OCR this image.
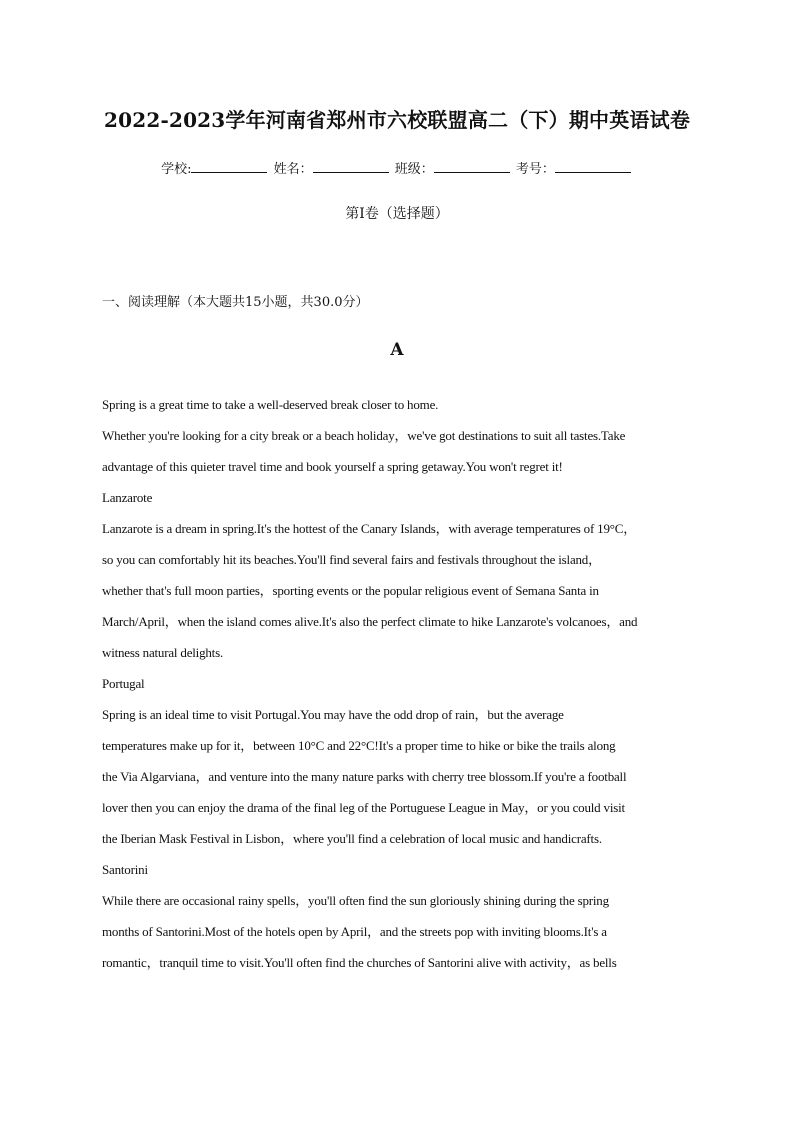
2022-2023学年河南省郑州市六校联盟高二（下）期中英语试卷
学校:	姓名：	班级：	考号：
第I卷（选择题）
一、阅读理解（本大题共15小题，共30.0分）
A
Spring is a great time to take a well-deserved break closer to home.
Whether you're looking for a city break or a beach holiday，we've got destinations to suit all tastes.Take
advantage of this quieter travel time and book yourself a spring getaway.You won't regret it!
Lanzarote
Lanzarote is a dream in spring.It's the hottest of the Canary Islands，with average temperatures of 19°C，
so you can comfortably hit its beaches.You'll find several fairs and festivals throughout the island，
whether that's full moon parties，sporting events or the popular religious event of Semana Santa in
March/April，when the island comes alive.It's also the perfect climate to hike Lanzarote's volcanoes，and
witness natural delights.
Portugal
Spring is an ideal time to visit Portugal.You may have the odd drop of rain，but the average
temperatures make up for it，between 10°C and 22°C!It's a proper time to hike or bike the trails along
the Via Algarviana，and venture into the many nature parks with cherry tree blossom.If you're a football
lover then you can enjoy the drama of the final leg of the Portuguese League in May，or you could visit
the Iberian Mask Festival in Lisbon，where you'll find a celebration of local music and handicrafts.
Santorini
While there are occasional rainy spells，you'll often find the sun gloriously shining during the spring
months of Santorini.Most of the hotels open by April，and the streets pop with inviting blooms.It's a
romantic，tranquil time to visit.You'll often find the churches of Santorini alive with activity，as bells
